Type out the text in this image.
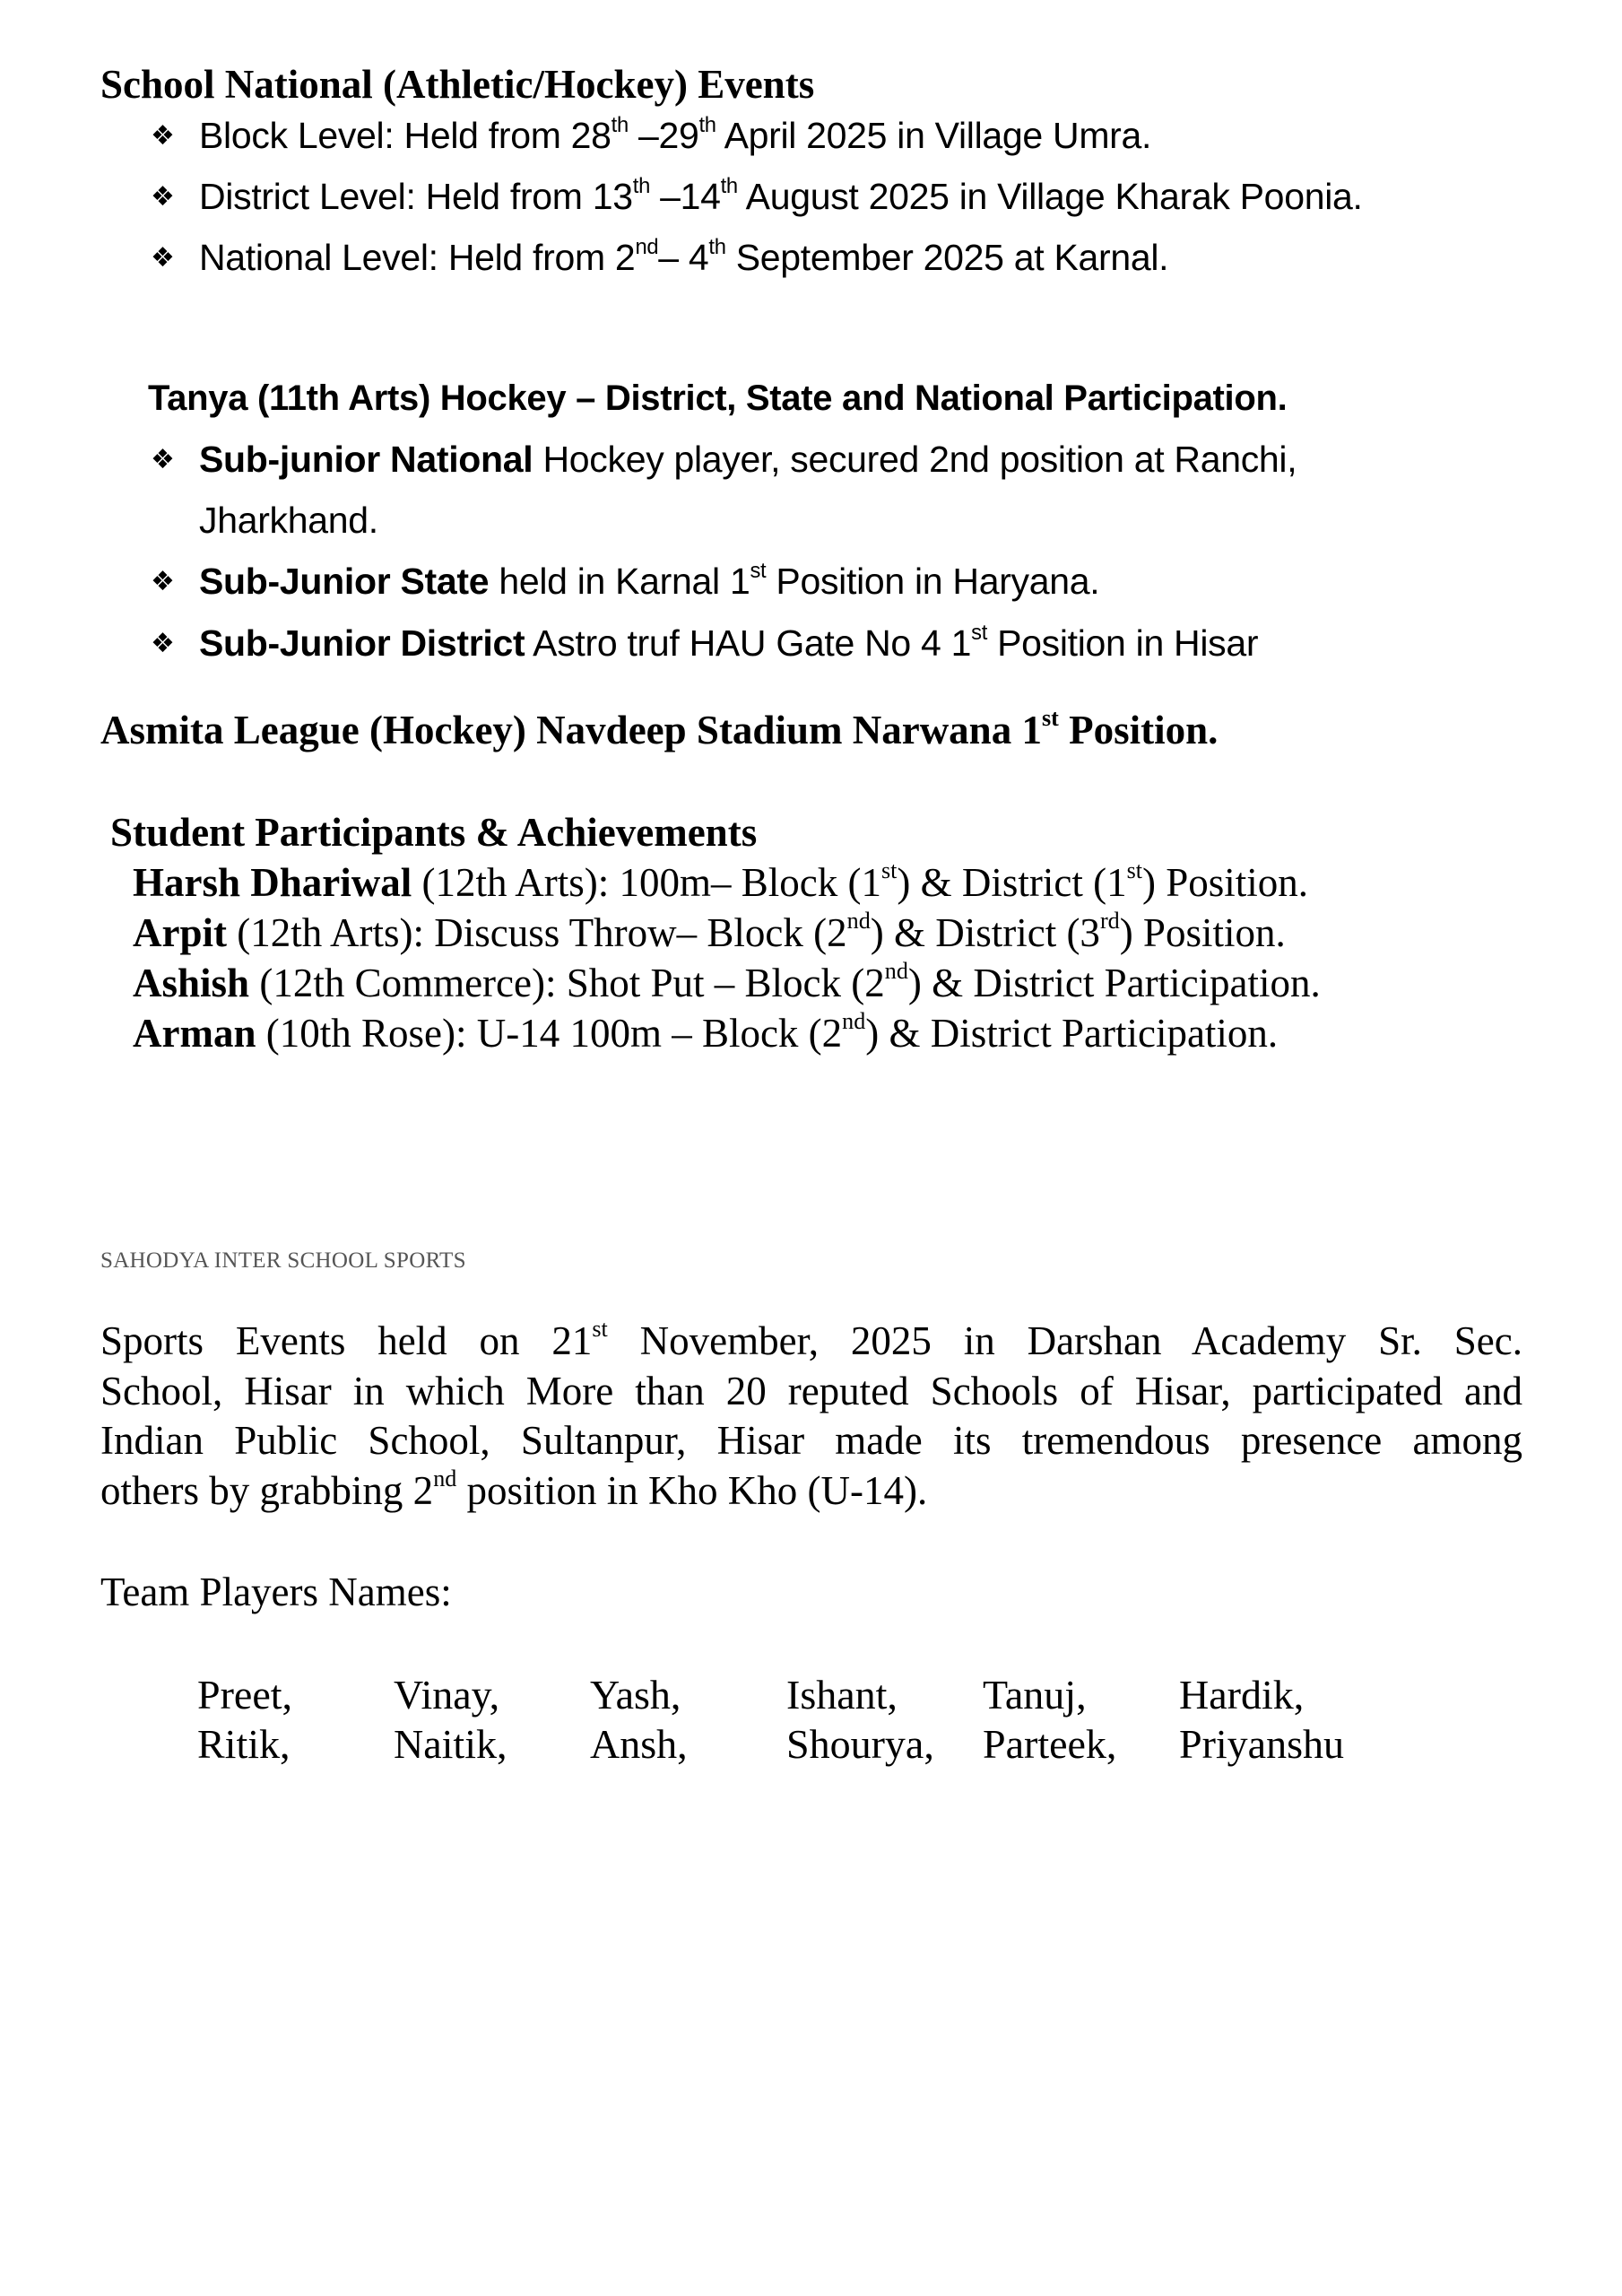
School National (Athletic/Hockey) Events
❖ Block Level: Held from 28th –29th April 2025 in Village Umra.
❖ District Level: Held from 13th –14th August 2025 in Village Kharak Poonia.
❖ National Level: Held from 2nd– 4th September 2025 at Karnal.
Tanya (11th Arts) Hockey – District, State and National Participation.
❖ Sub-junior National Hockey player, secured 2nd position at Ranchi,
Jharkhand.
❖ Sub-Junior State held in Karnal 1st Position in Haryana.
❖ Sub-Junior District Astro truf HAU Gate No 4 1st Position in Hisar
Asmita League (Hockey) Navdeep Stadium Narwana 1st Position.
Student Participants & Achievements
Harsh Dhariwal (12th Arts): 100m– Block (1st) & District (1st) Position.
Arpit (12th Arts): Discuss Throw– Block (2nd) & District (3rd) Position.
Ashish (12th Commerce): Shot Put – Block (2nd) & District Participation.
Arman (10th Rose): U-14 100m – Block (2nd) & District Participation.
SAHODYA INTER SCHOOL SPORTS
Sports Events held on 21st November, 2025 in Darshan Academy Sr. Sec.
School, Hisar in which More than 20 reputed Schools of Hisar, participated and
Indian Public School, Sultanpur, Hisar made its tremendous presence among
others by grabbing 2nd position in Kho Kho (U-14).
Team Players Names:
Preet,	Vinay,	Yash,	Ishant,	Tanuj,	Hardik,
Ritik,	Naitik,	Ansh,	Shourya,	Parteek,	Priyanshu
